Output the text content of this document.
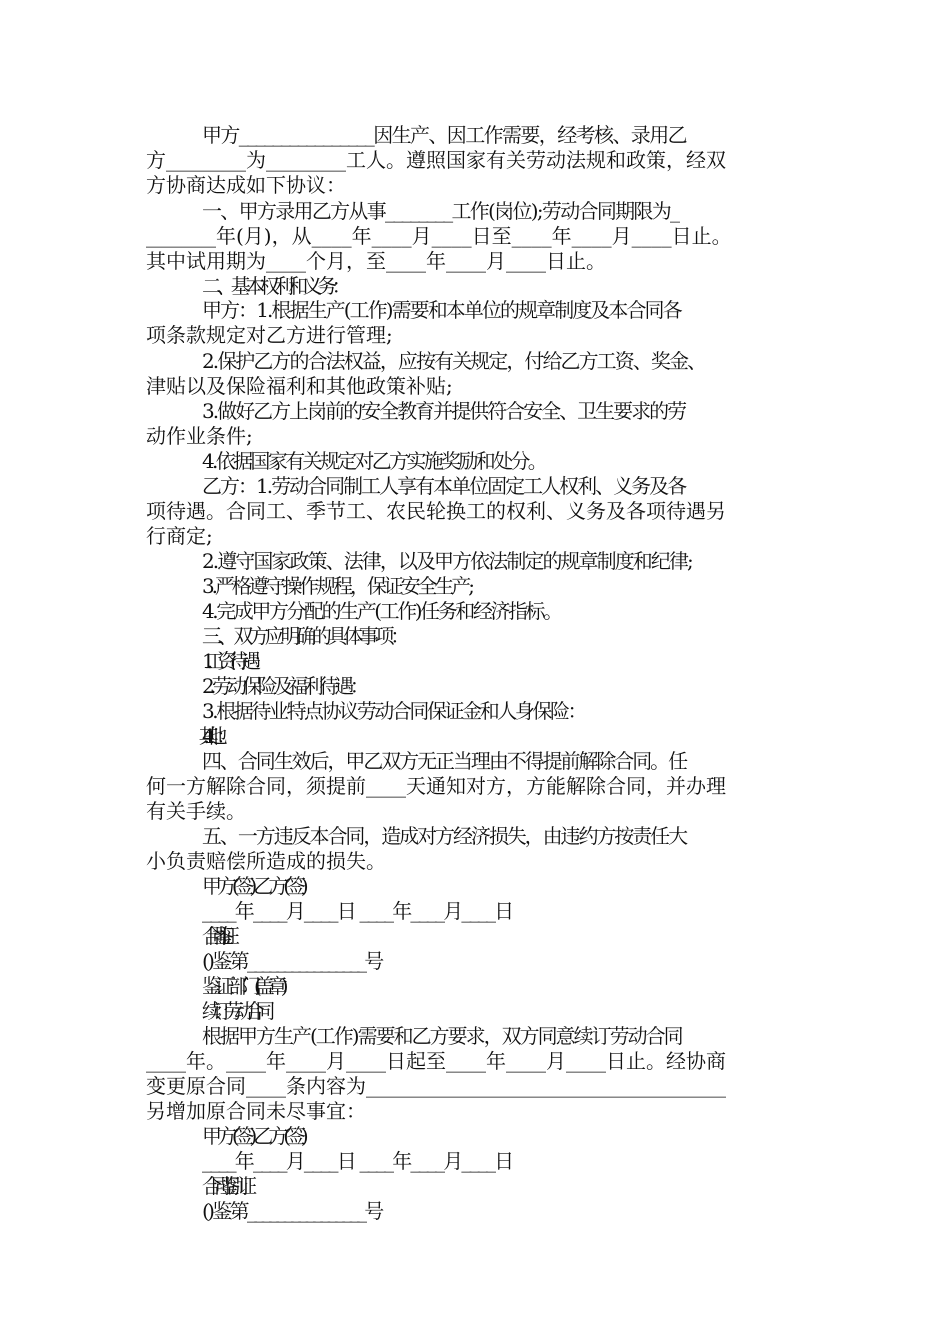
甲方________________因生产、因工作需要，经考核、录用乙
方________为________工人。遵照国家有关劳动法规和政策，经双
方协商达成如下协议：
一、甲方录用乙方从事________工作(岗位);劳动合同期限为_
_______年(月)，从____年____月____日至____年____月____日止。
其中试用期为____个月，至____年____月____日止。
二、基本权利和义务：
甲方：1.根据生产(工作)需要和本单位的规章制度及本合同各
项条款规定对乙方进行管理;
2.保护乙方的合法权益，应按有关规定，付给乙方工资、奖金、
津贴以及保险福利和其他政策补贴;
3.做好乙方上岗前的安全教育并提供符合安全、卫生要求的劳
动作业条件;
4.依据国家有关规定对乙方实施奖励和处分。
乙方：1.劳动合同制工人享有本单位固定工人权利、义务及各
项待遇。合同工、季节工、农民轮换工的权利、义务及各项待遇另
行商定;
2.遵守国家政策、法律，以及甲方依法制定的规章制度和纪律;
3.严格遵守操作规程，保证安全生产;
4.完成甲方分配的生产(工作)任务和经济指标。
三、双方应明确的具体事项：
1.工资待遇：
2.劳动保险及福利待遇：
3.根据待业特点协议劳动合同保证金和人身保险：
4.其他：
四、合同生效后，甲乙双方无正当理由不得提前解除合同。任
何一方解除合同，须提前____天通知对方，方能解除合同，并办理
有关手续。
五、一方违反本合同，造成对方经济损失，由违约方按责任大
小负责赔偿所造成的损失。
甲方(签) 乙方(签)
____年____月____日 ____年____月____日
合同鉴证
()鉴第________________号
鉴证部门(盖章)
续订劳动合同
根据甲方生产(工作)需要和乙方要求，双方同意续订劳动合同
____年。____年____月____日起至____年____月____日止。经协商
变更原合同____条内容为____________________________________
另增加原合同未尽事宜：
甲方(签) 乙方(签)
____年____月____日 ____年____月____日
合同鉴别证
()鉴第________________号
